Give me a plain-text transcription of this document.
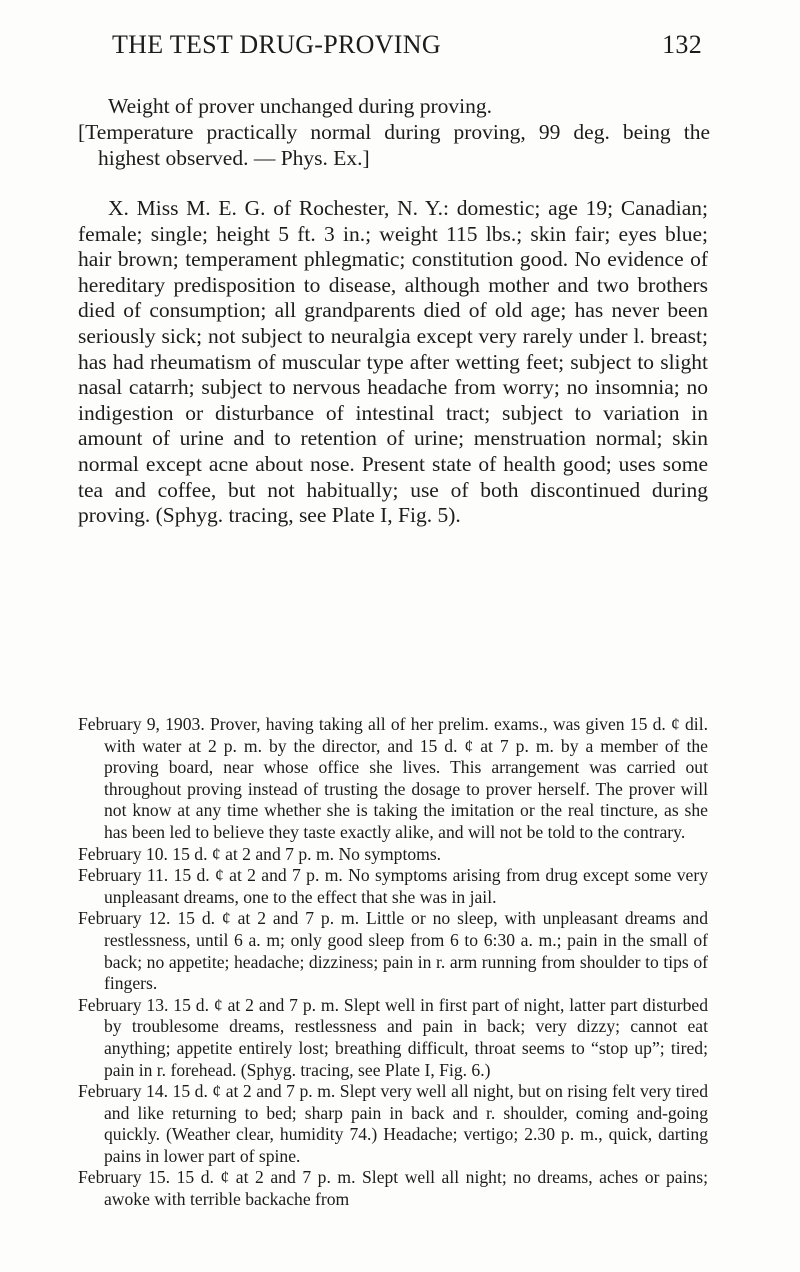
THE TEST DRUG-PROVING	132

Weight of prover unchanged during proving.

[Temperature practically normal during proving, 99 deg. being the highest observed. — Phys. Ex.]

X. Miss M. E. G. of Rochester, N. Y.: domestic; age 19; Canadian; female; single; height 5 ft. 3 in.; weight 115 lbs.; skin fair; eyes blue; hair brown; temperament phlegmatic; constitution good. No evidence of hereditary predisposition to disease, although mother and two brothers died of consumption; all grandparents died of old age; has never been seriously sick; not subject to neuralgia except very rarely under l. breast; has had rheumatism of muscular type after wetting feet; subject to slight nasal catarrh; subject to nervous headache from worry; no insomnia; no indigestion or disturbance of intestinal tract; subject to variation in amount of urine and to retention of urine; menstruation normal; skin normal except acne about nose. Present state of health good; uses some tea and coffee, but not habitually; use of both discontinued during proving. (Sphyg. tracing, see Plate I, Fig. 5).

February 9, 1903. Prover, having taking all of her prelim. exams., was given 15 d. ȼ dil. with water at 2 p. m. by the director, and 15 d. ȼ at 7 p. m. by a member of the proving board, near whose office she lives. This arrangement was carried out throughout proving instead of trusting the dosage to prover herself. The prover will not know at any time whether she is taking the imitation or the real tincture, as she has been led to believe they taste exactly alike, and will not be told to the contrary.

February 10. 15 d. ȼ at 2 and 7 p. m. No symptoms.

February 11. 15 d. ȼ at 2 and 7 p. m. No symptoms arising from drug except some very unpleasant dreams, one to the effect that she was in jail.

February 12. 15 d. ȼ at 2 and 7 p. m. Little or no sleep, with unpleasant dreams and restlessness, until 6 a. m; only good sleep from 6 to 6:30 a. m.; pain in the small of back; no appetite; headache; dizziness; pain in r. arm running from shoulder to tips of fingers.

February 13. 15 d. ȼ at 2 and 7 p. m. Slept well in first part of night, latter part disturbed by troublesome dreams, restlessness and pain in back; very dizzy; cannot eat anything; appetite entirely lost; breathing difficult, throat seems to “stop up”; tired; pain in r. forehead. (Sphyg. tracing, see Plate I, Fig. 6.)

February 14. 15 d. ȼ at 2 and 7 p. m. Slept very well all night, but on rising felt very tired and like returning to bed; sharp pain in back and r. shoulder, coming and-going quickly. (Weather clear, humidity 74.) Headache; vertigo; 2.30 p. m., quick, darting pains in lower part of spine.

February 15. 15 d. ȼ at 2 and 7 p. m. Slept well all night; no dreams, aches or pains; awoke with terrible backache from
